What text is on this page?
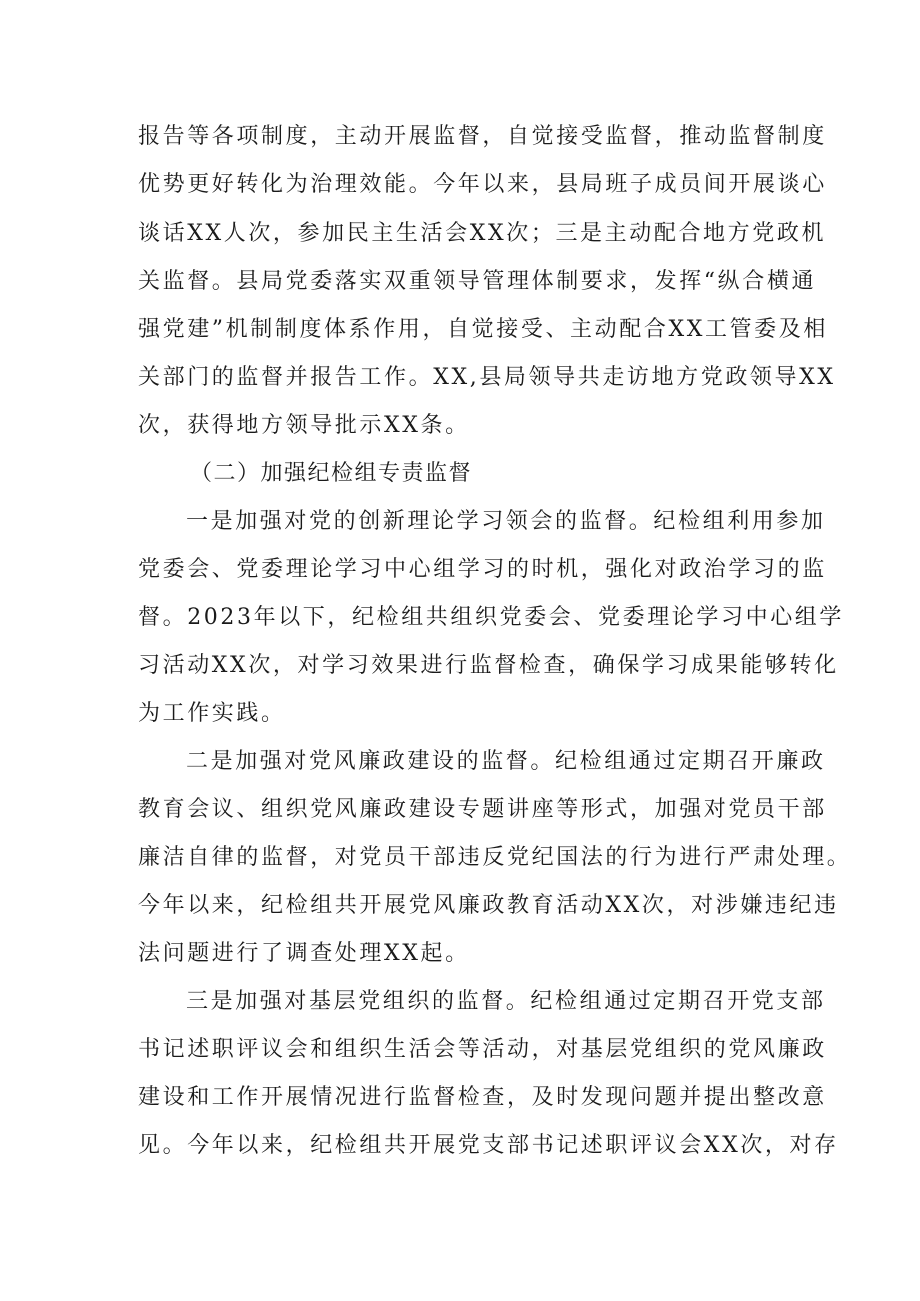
报告等各项制度，主动开展监督，自觉接受监督，推动监督制度
优势更好转化为治理效能。今年以来，县局班子成员间开展谈心
谈话XX人次，参加民主生活会XX次；三是主动配合地方党政机
关监督。县局党委落实双重领导管理体制要求，发挥“纵合横通
强党建”机制制度体系作用，自觉接受、主动配合XX工管委及相
关部门的监督并报告工作。XX,县局领导共走访地方党政领导XX
次，获得地方领导批示XX条。
（二）加强纪检组专责监督
一是加强对党的创新理论学习领会的监督。纪检组利用参加
党委会、党委理论学习中心组学习的时机，强化对政治学习的监
督。2023年以下，纪检组共组织党委会、党委理论学习中心组学
习活动XX次，对学习效果进行监督检查，确保学习成果能够转化
为工作实践。
二是加强对党风廉政建设的监督。纪检组通过定期召开廉政
教育会议、组织党风廉政建设专题讲座等形式，加强对党员干部
廉洁自律的监督，对党员干部违反党纪国法的行为进行严肃处理。
今年以来，纪检组共开展党风廉政教育活动XX次，对涉嫌违纪违
法问题进行了调查处理XX起。
三是加强对基层党组织的监督。纪检组通过定期召开党支部
书记述职评议会和组织生活会等活动，对基层党组织的党风廉政
建设和工作开展情况进行监督检查，及时发现问题并提出整改意
见。今年以来，纪检组共开展党支部书记述职评议会XX次，对存
